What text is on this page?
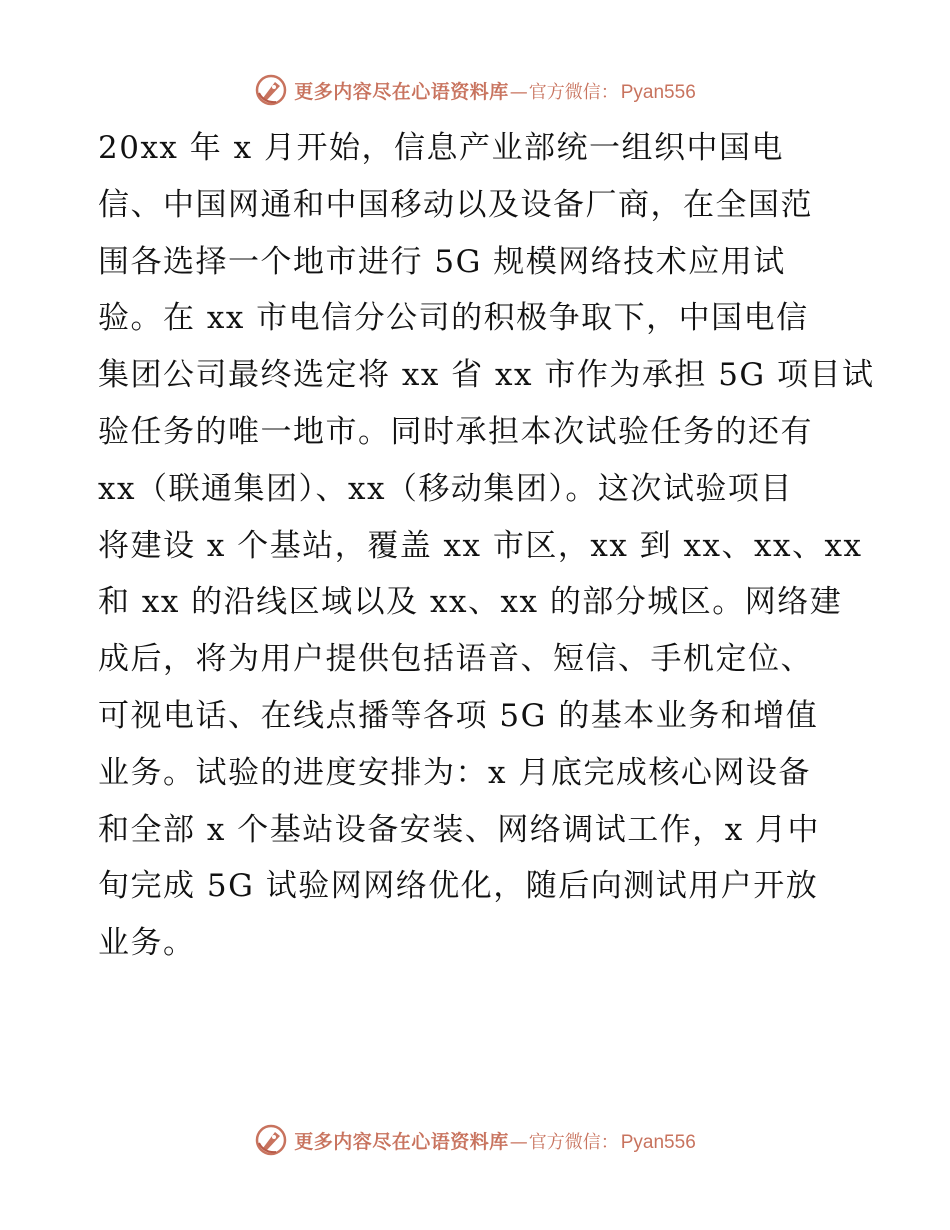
更多内容尽在心语资料库 — 官方微信： Pyan556
20xx 年 x 月开始，信息产业部统一组织中国电
信、中国网通和中国移动以及设备厂商，在全国范
围各选择一个地市进行 5G 规模网络技术应用试
验。在 xx 市电信分公司的积极争取下，中国电信
集团公司最终选定将 xx 省 xx 市作为承担 5G 项目试
验任务的唯一地市。同时承担本次试验任务的还有
xx（联通集团）、xx（移动集团）。这次试验项目
将建设 x 个基站，覆盖 xx 市区，xx 到 xx、xx、xx
和 xx 的沿线区域以及 xx、xx 的部分城区。网络建
成后，将为用户提供包括语音、短信、手机定位、
可视电话、在线点播等各项 5G 的基本业务和增值
业务。试验的进度安排为：x 月底完成核心网设备
和全部 x 个基站设备安装、网络调试工作，x 月中
旬完成 5G 试验网网络优化，随后向测试用户开放
业务。
更多内容尽在心语资料库 — 官方微信： Pyan556
